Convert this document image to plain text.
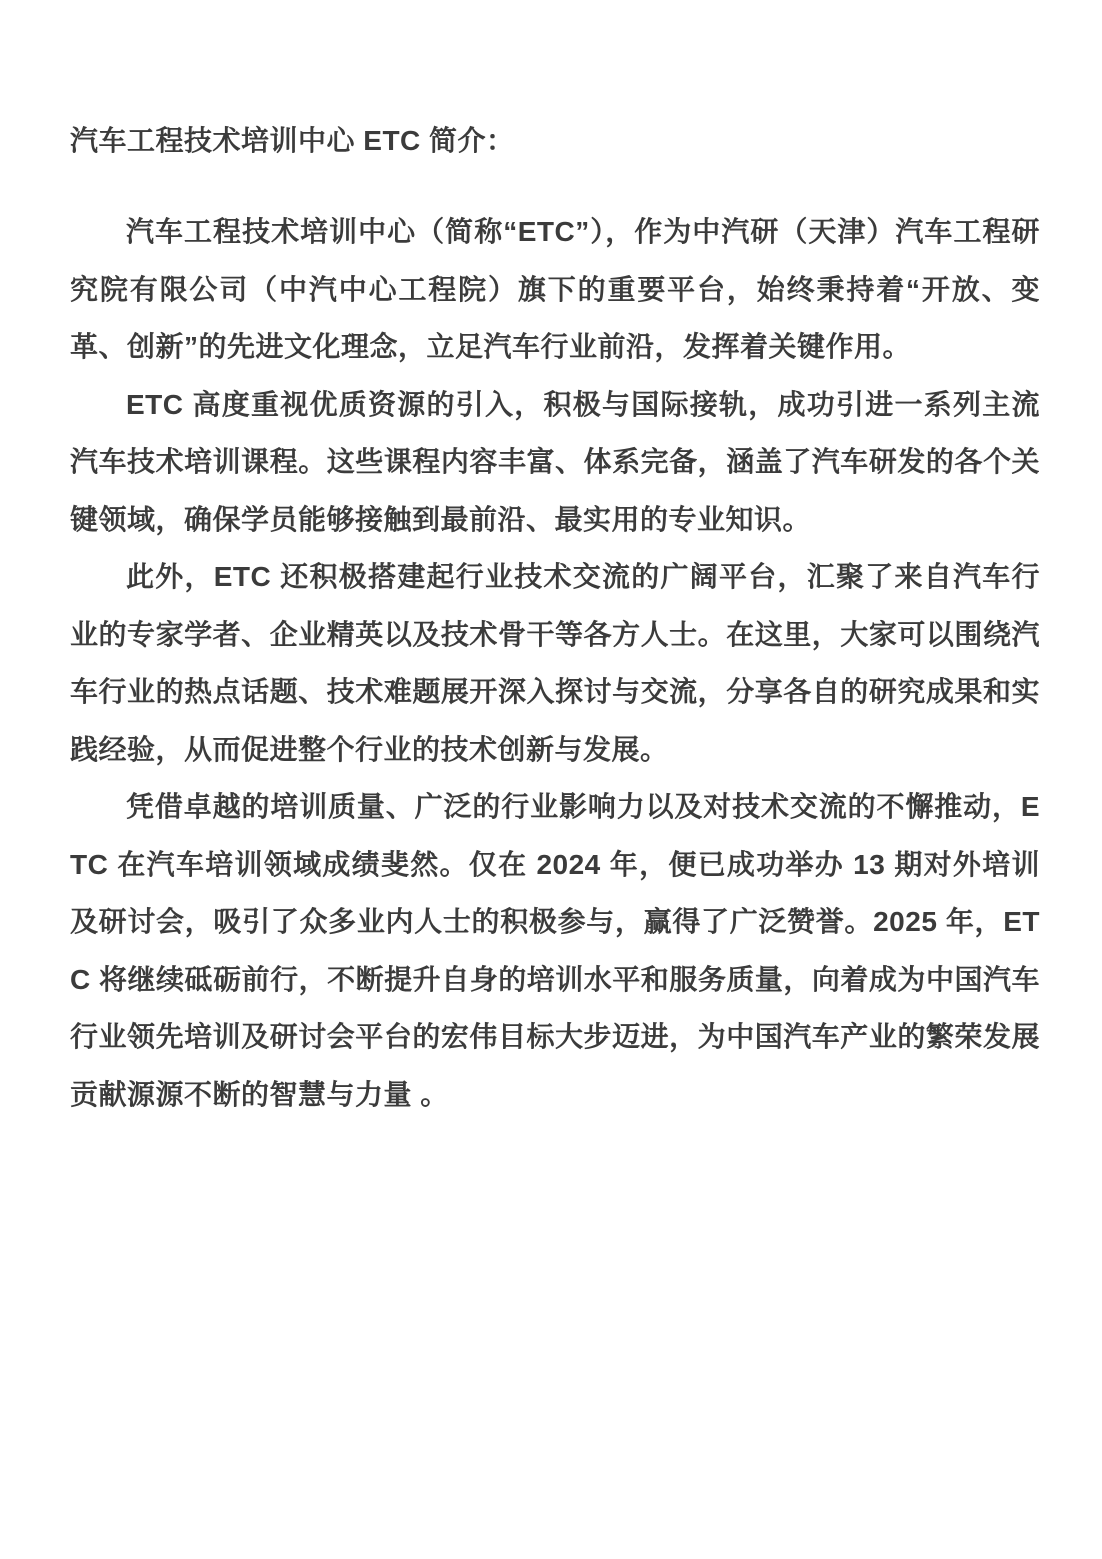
汽车工程技术培训中心 ETC 简介：

汽车工程技术培训中心（简称“ETC”），作为中汽研（天津）汽车工程研究院有限公司（中汽中心工程院）旗下的重要平台，始终秉持着“开放、变革、创新”的先进文化理念，立足汽车行业前沿，发挥着关键作用。

ETC 高度重视优质资源的引入，积极与国际接轨，成功引进一系列主流汽车技术培训课程。这些课程内容丰富、体系完备，涵盖了汽车研发的各个关键领域，确保学员能够接触到最前沿、最实用的专业知识。

此外，ETC 还积极搭建起行业技术交流的广阔平台，汇聚了来自汽车行业的专家学者、企业精英以及技术骨干等各方人士。在这里，大家可以围绕汽车行业的热点话题、技术难题展开深入探讨与交流，分享各自的研究成果和实践经验，从而促进整个行业的技术创新与发展。

凭借卓越的培训质量、广泛的行业影响力以及对技术交流的不懈推动，ETC 在汽车培训领域成绩斐然。仅在 2024 年，便已成功举办 13 期对外培训及研讨会，吸引了众多业内人士的积极参与，赢得了广泛赞誉。2025 年，ETC 将继续砥砺前行，不断提升自身的培训水平和服务质量，向着成为中国汽车行业领先培训及研讨会平台的宏伟目标大步迈进，为中国汽车产业的繁荣发展贡献源源不断的智慧与力量 。
